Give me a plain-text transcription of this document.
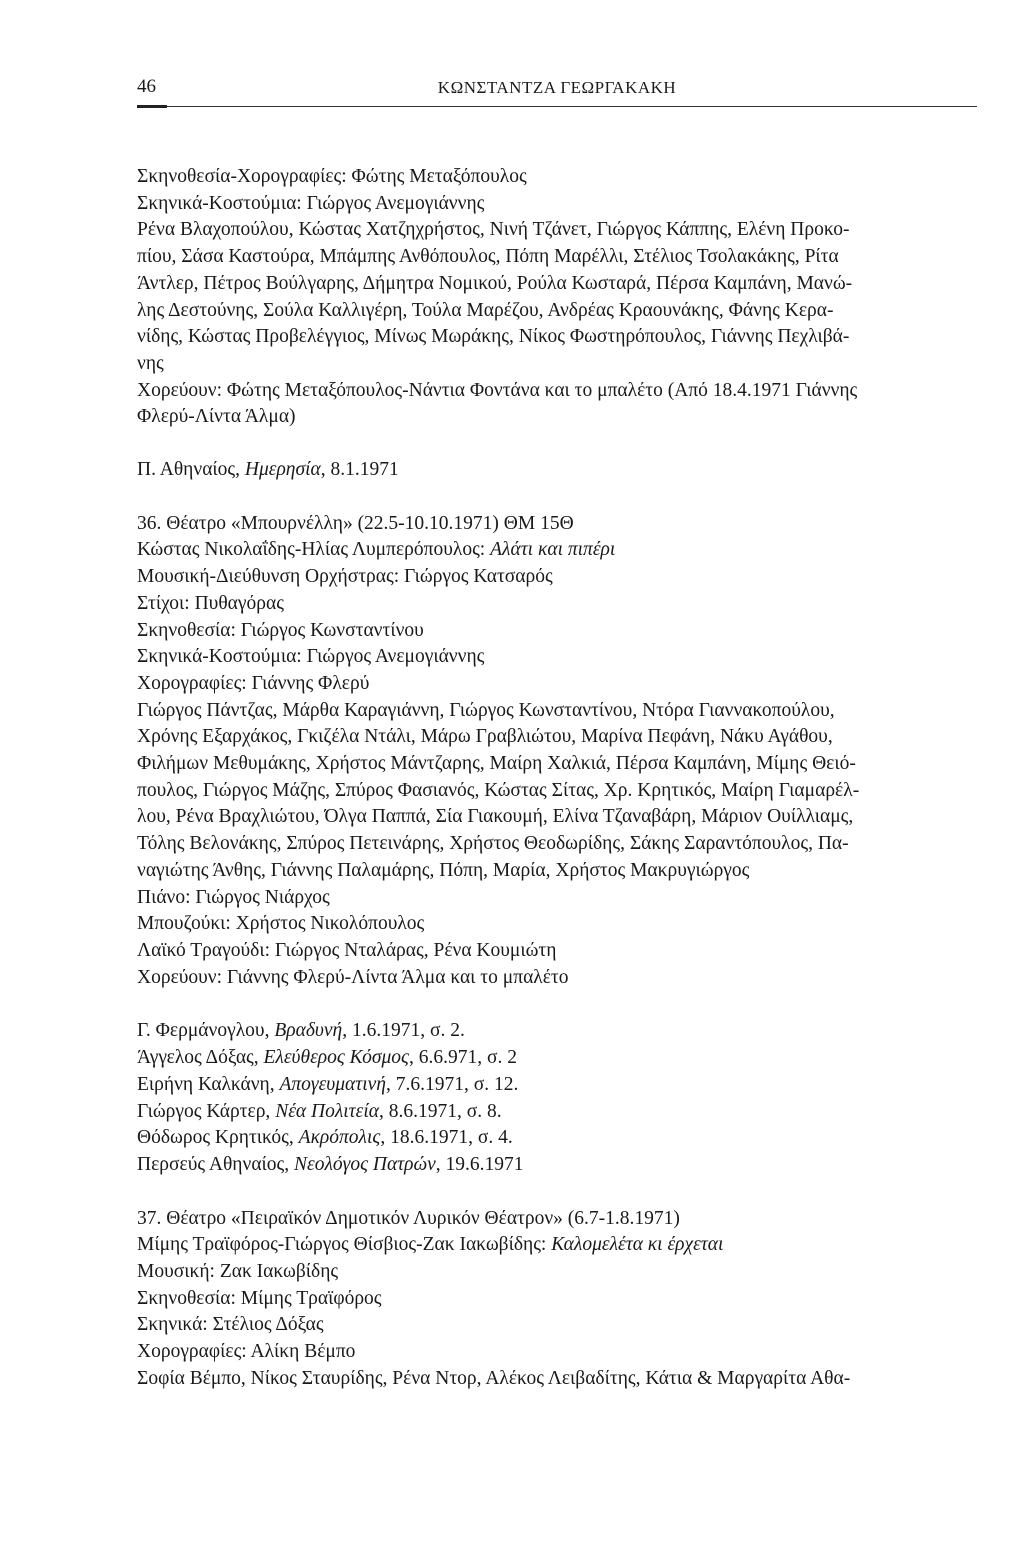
46	ΚΩΝΣΤΑΝΤΖΑ ΓΕΩΡΓΑΚΑΚΗ
Σκηνοθεσία-Χορογραφίες: Φώτης Μεταξόπουλος
Σκηνικά-Κοστούμια: Γιώργος Ανεμογιάννης
Ρένα Βλαχοπούλου, Κώστας Χατζηχρήστος, Νινή Τζάνετ, Γιώργος Κάππης, Ελένη Προκο-
πίου, Σάσα Καστούρα, Μπάμπης Ανθόπουλος, Πόπη Μαρέλλι, Στέλιος Τσολακάκης, Ρίτα
Άντλερ, Πέτρος Βούλγαρης, Δήμητρα Νομικού, Ρούλα Κωσταρά, Πέρσα Καμπάνη, Μανώ-
λης Δεστούνης, Σούλα Καλλιγέρη, Τούλα Μαρέζου, Ανδρέας Κραουνάκης, Φάνης Κερα-
νίδης, Κώστας Προβελέγγιος, Μίνως Μωράκης, Νίκος Φωστηρόπουλος, Γιάννης Πεχλιβά-
νης
Χορεύουν: Φώτης Μεταξόπουλος-Νάντια Φοντάνα και το μπαλέτο (Από 18.4.1971 Γιάννης
Φλερύ-Λίντα Άλμα)
Π. Αθηναίος, Ημερησία, 8.1.1971
36. Θέατρο «Μπουρνέλλη» (22.5-10.10.1971) ΘΜ 15Θ
Κώστας Νικολαΐδης-Ηλίας Λυμπερόπουλος: Αλάτι και πιπέρι
Μουσική-Διεύθυνση Ορχήστρας: Γιώργος Κατσαρός
Στίχοι: Πυθαγόρας
Σκηνοθεσία: Γιώργος Κωνσταντίνου
Σκηνικά-Κοστούμια: Γιώργος Ανεμογιάννης
Χορογραφίες: Γιάννης Φλερύ
Γιώργος Πάντζας, Μάρθα Καραγιάννη, Γιώργος Κωνσταντίνου, Ντόρα Γιαννακοπούλου,
Χρόνης Εξαρχάκος, Γκιζέλα Ντάλι, Μάρω Γραβλιώτου, Μαρίνα Πεφάνη, Νάκυ Αγάθου,
Φιλήμων Μεθυμάκης, Χρήστος Μάντζαρης, Μαίρη Χαλκιά, Πέρσα Καμπάνη, Μίμης Θειό-
πουλος, Γιώργος Μάζης, Σπύρος Φασιανός, Κώστας Σίτας, Χρ. Κρητικός, Μαίρη Γιαμαρέλ-
λου, Ρένα Βραχλιώτου, Όλγα Παππά, Σία Γιακουμή, Ελίνα Τζαναβάρη, Μάριον Ουίλλιαμς,
Τόλης Βελονάκης, Σπύρος Πετεινάρης, Χρήστος Θεοδωρίδης, Σάκης Σαραντόπουλος, Πα-
ναγιώτης Άνθης, Γιάννης Παλαμάρης, Πόπη, Μαρία, Χρήστος Μακρυγιώργος
Πιάνο: Γιώργος Νιάρχος
Μπουζούκι: Χρήστος Νικολόπουλος
Λαϊκό Τραγούδι: Γιώργος Νταλάρας, Ρένα Κουμιώτη
Χορεύουν: Γιάννης Φλερύ-Λίντα Άλμα και το μπαλέτο
Γ. Φερμάνογλου, Βραδυνή, 1.6.1971, σ. 2.
Άγγελος Δόξας, Ελεύθερος Κόσμος, 6.6.971, σ. 2
Ειρήνη Καλκάνη, Απογευματινή, 7.6.1971, σ. 12.
Γιώργος Κάρτερ, Νέα Πολιτεία, 8.6.1971, σ. 8.
Θόδωρος Κρητικός, Ακρόπολις, 18.6.1971, σ. 4.
Περσεύς Αθηναίος, Νεολόγος Πατρών, 19.6.1971
37. Θέατρο «Πειραϊκόν Δημοτικόν Λυρικόν Θέατρον» (6.7-1.8.1971)
Μίμης Τραϊφόρος-Γιώργος Θίσβιος-Ζακ Ιακωβίδης: Καλομελέτα κι έρχεται
Μουσική: Ζακ Ιακωβίδης
Σκηνοθεσία: Μίμης Τραϊφόρος
Σκηνικά: Στέλιος Δόξας
Χορογραφίες: Αλίκη Βέμπο
Σοφία Βέμπο, Νίκος Σταυρίδης, Ρένα Ντορ, Αλέκος Λειβαδίτης, Κάτια & Μαργαρίτα Αθα-
